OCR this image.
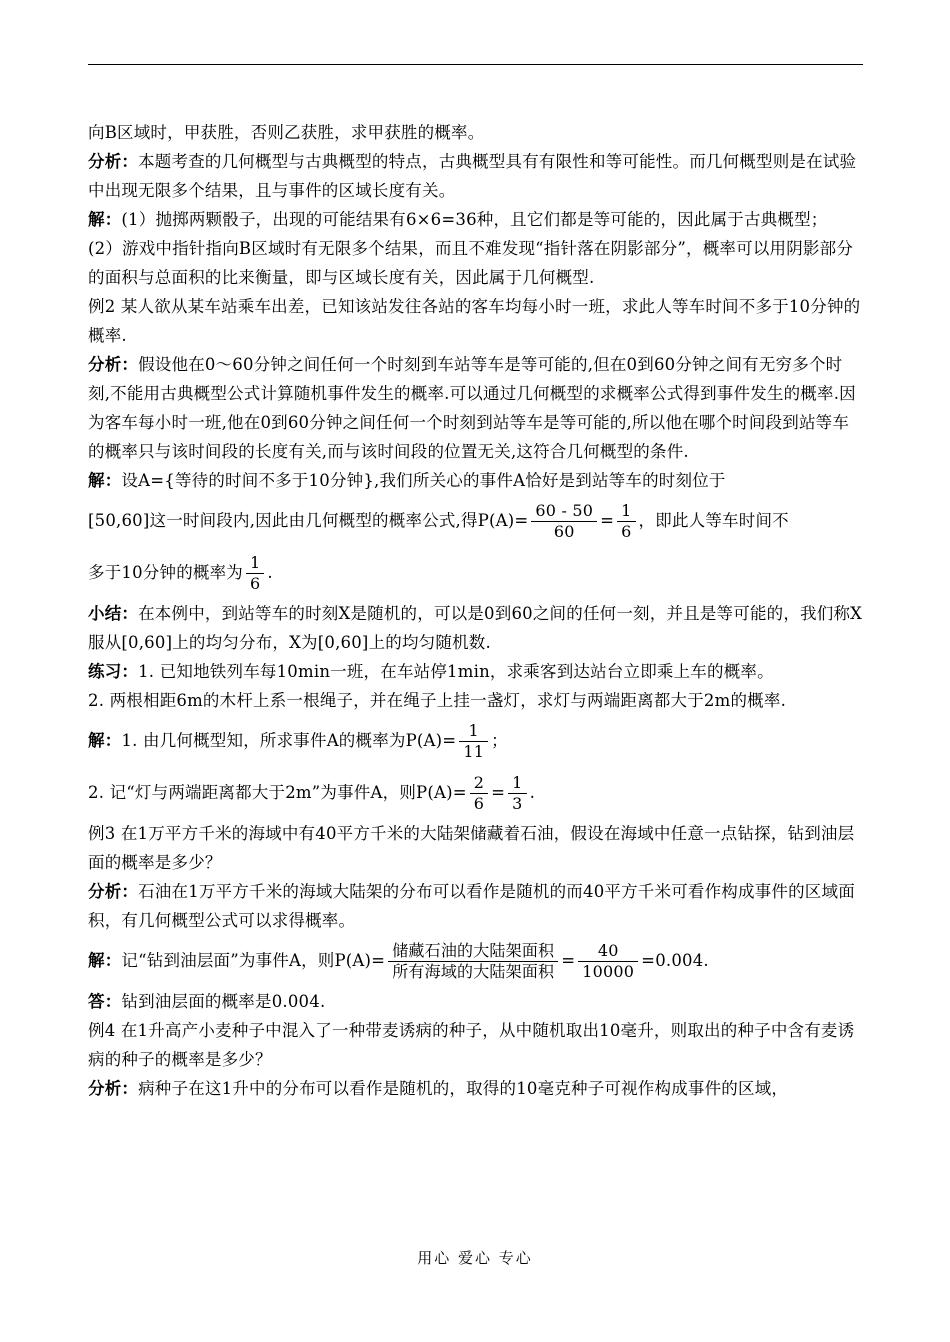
向B区域时，甲获胜，否则乙获胜，求甲获胜的概率。

分析：本题考查的几何概型与古典概型的特点，古典概型具有有限性和等可能性。而几何概型则是在试验中出现无限多个结果，且与事件的区域长度有关。

解：(1）抛掷两颗骰子，出现的可能结果有6×6=36种，且它们都是等可能的，因此属于古典概型；

(2）游戏中指针指向B区域时有无限多个结果，而且不难发现“指针落在阴影部分”，概率可以用阴影部分的面积与总面积的比来衡量，即与区域长度有关，因此属于几何概型.

例2 某人欲从某车站乘车出差，已知该站发往各站的客车均每小时一班，求此人等车时间不多于10分钟的概率.

分析：假设他在0～60分钟之间任何一个时刻到车站等车是等可能的,但在0到60分钟之间有无穷多个时刻,不能用古典概型公式计算随机事件发生的概率.可以通过几何概型的求概率公式得到事件发生的概率.因为客车每小时一班,他在0到60分钟之间任何一个时刻到站等车是等可能的,所以他在哪个时间段到站等车的概率只与该时间段的长度有关,而与该时间段的位置无关,这符合几何概型的条件.

解：设A={等待的时间不多于10分钟},我们所关心的事件A恰好是到站等车的时刻位于

[50,60]这一时间段内,因此由几何概型的概率公式,得$P(A)= \frac{60 - 50}{60} = \frac{1}{6}$ ，即此人等车时间不

多于10分钟的概率为 $\frac{1}{6}$ .

小结：在本例中，到站等车的时刻X是随机的，可以是0到60之间的任何一刻，并且是等可能的，我们称X服从[0,60]上的均匀分布，X为[0,60]上的均匀随机数.

练习：1. 已知地铁列车每10min一班，在车站停1min，求乘客到达站台立即乘上车的概率。

2. 两根相距6m的木杆上系一根绳子，并在绳子上挂一盏灯，求灯与两端距离都大于2m的概率.

解：1. 由几何概型知，所求事件A的概率为$P(A)= \frac{1}{11}$ ；

2. 记“灯与两端距离都大于2m”为事件A，则$P(A)= \frac{2}{6} = \frac{1}{3}$ .

例3 在1万平方千米的海域中有40平方千米的大陆架储藏着石油，假设在海域中任意一点钻探，钻到油层面的概率是多少？

分析：石油在1万平方千米的海域大陆架的分布可以看作是随机的而40平方千米可看作构成事件的区域面积，有几何概型公式可以求得概率。

解：记“钻到油层面”为事件A，则$P(A)= \frac{\text{储藏石油的大陆架面积}}{\text{所有海域的大陆架面积}} = \frac{40}{10000} =0.004$.

答：钻到油层面的概率是0.004.

例4 在1升高产小麦种子中混入了一种带麦诱病的种子，从中随机取出10毫升，则取出的种子中含有麦诱病的种子的概率是多少？

分析：病种子在这1升中的分布可以看作是随机的，取得的10毫克种子可视作构成事件的区域，

用心 爱心 专心
